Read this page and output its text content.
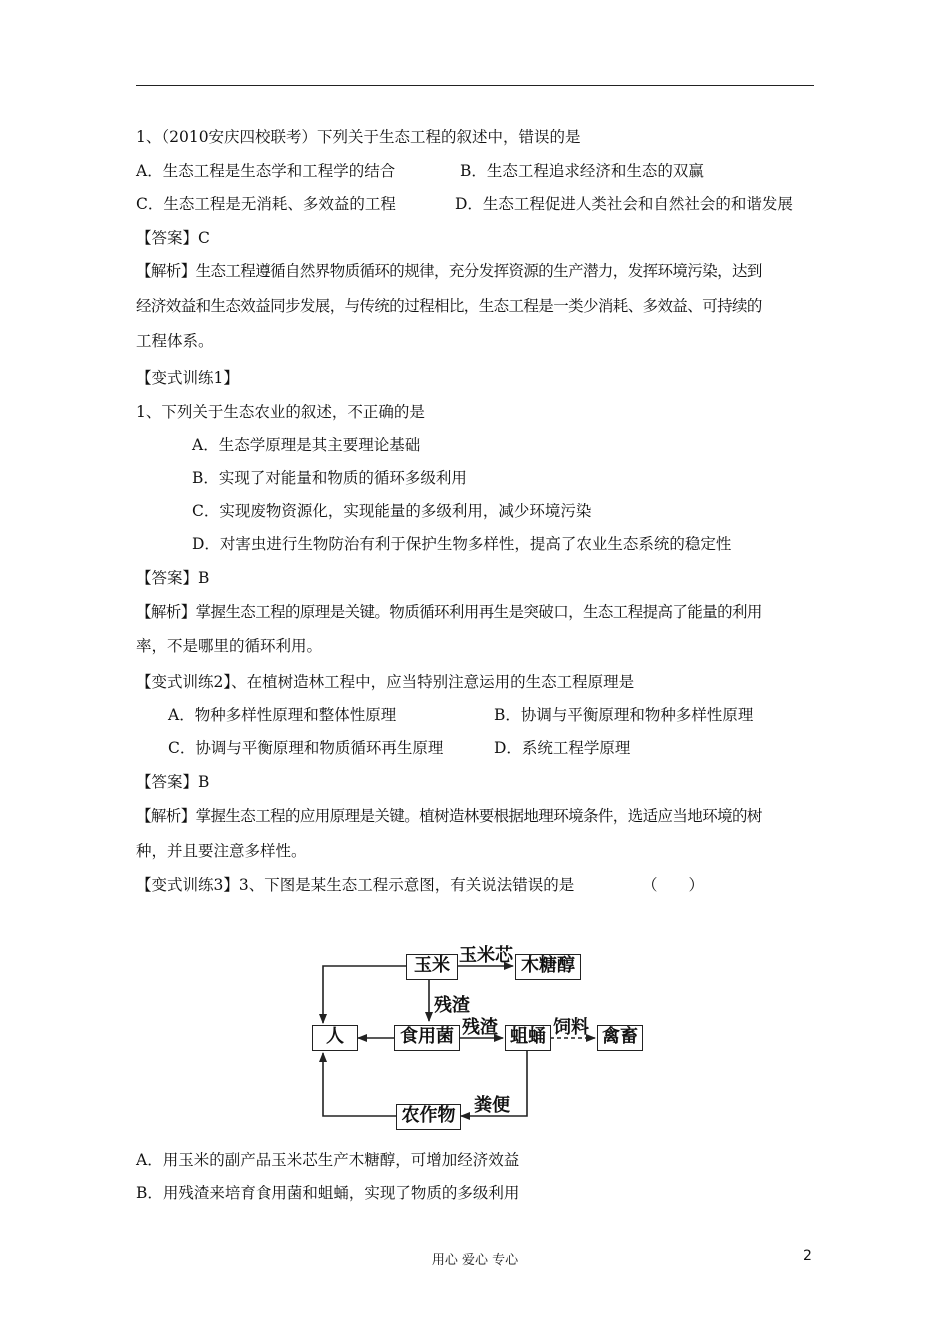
1、（2010安庆四校联考）下列关于生态工程的叙述中，错误的是
A．生态工程是生态学和工程学的结合	B．生态工程追求经济和生态的双赢
C．生态工程是无消耗、多效益的工程	D．生态工程促进人类社会和自然社会的和谐发展
【答案】C
【解析】生态工程遵循自然界物质循环的规律，充分发挥资源的生产潜力，发挥环境污染，达到
经济效益和生态效益同步发展，与传统的过程相比，生态工程是一类少消耗、多效益、可持续的
工程体系。
【变式训练1】
1、下列关于生态农业的叙述，不正确的是
A．生态学原理是其主要理论基础
B．实现了对能量和物质的循环多级利用
C．实现废物资源化，实现能量的多级利用，减少环境污染
D．对害虫进行生物防治有利于保护生物多样性，提高了农业生态系统的稳定性
【答案】B
【解析】掌握生态工程的原理是关键。物质循环利用再生是突破口，生态工程提高了能量的利用
率，不是哪里的循环利用。
【变式训练2】、在植树造林工程中，应当特别注意运用的生态工程原理是
A．物种多样性原理和整体性原理	B．协调与平衡原理和物种多样性原理
C．协调与平衡原理和物质循环再生原理	D．系统工程学原理
【答案】B
【解析】掌握生态工程的应用原理是关键。植树造林要根据地理环境条件，选适应当地环境的树
种，并且要注意多样性。
【变式训练3】3、下图是某生态工程示意图，有关说法错误的是	（　　）
玉米	木糖醇
人	食用菌	蛆蛹	禽畜
农作物
玉米芯
残渣
残渣	饲料
粪便
A．用玉米的副产品玉米芯生产木糖醇，可增加经济效益
B．用残渣来培育食用菌和蛆蛹，实现了物质的多级利用
用心 爱心 专心	2
